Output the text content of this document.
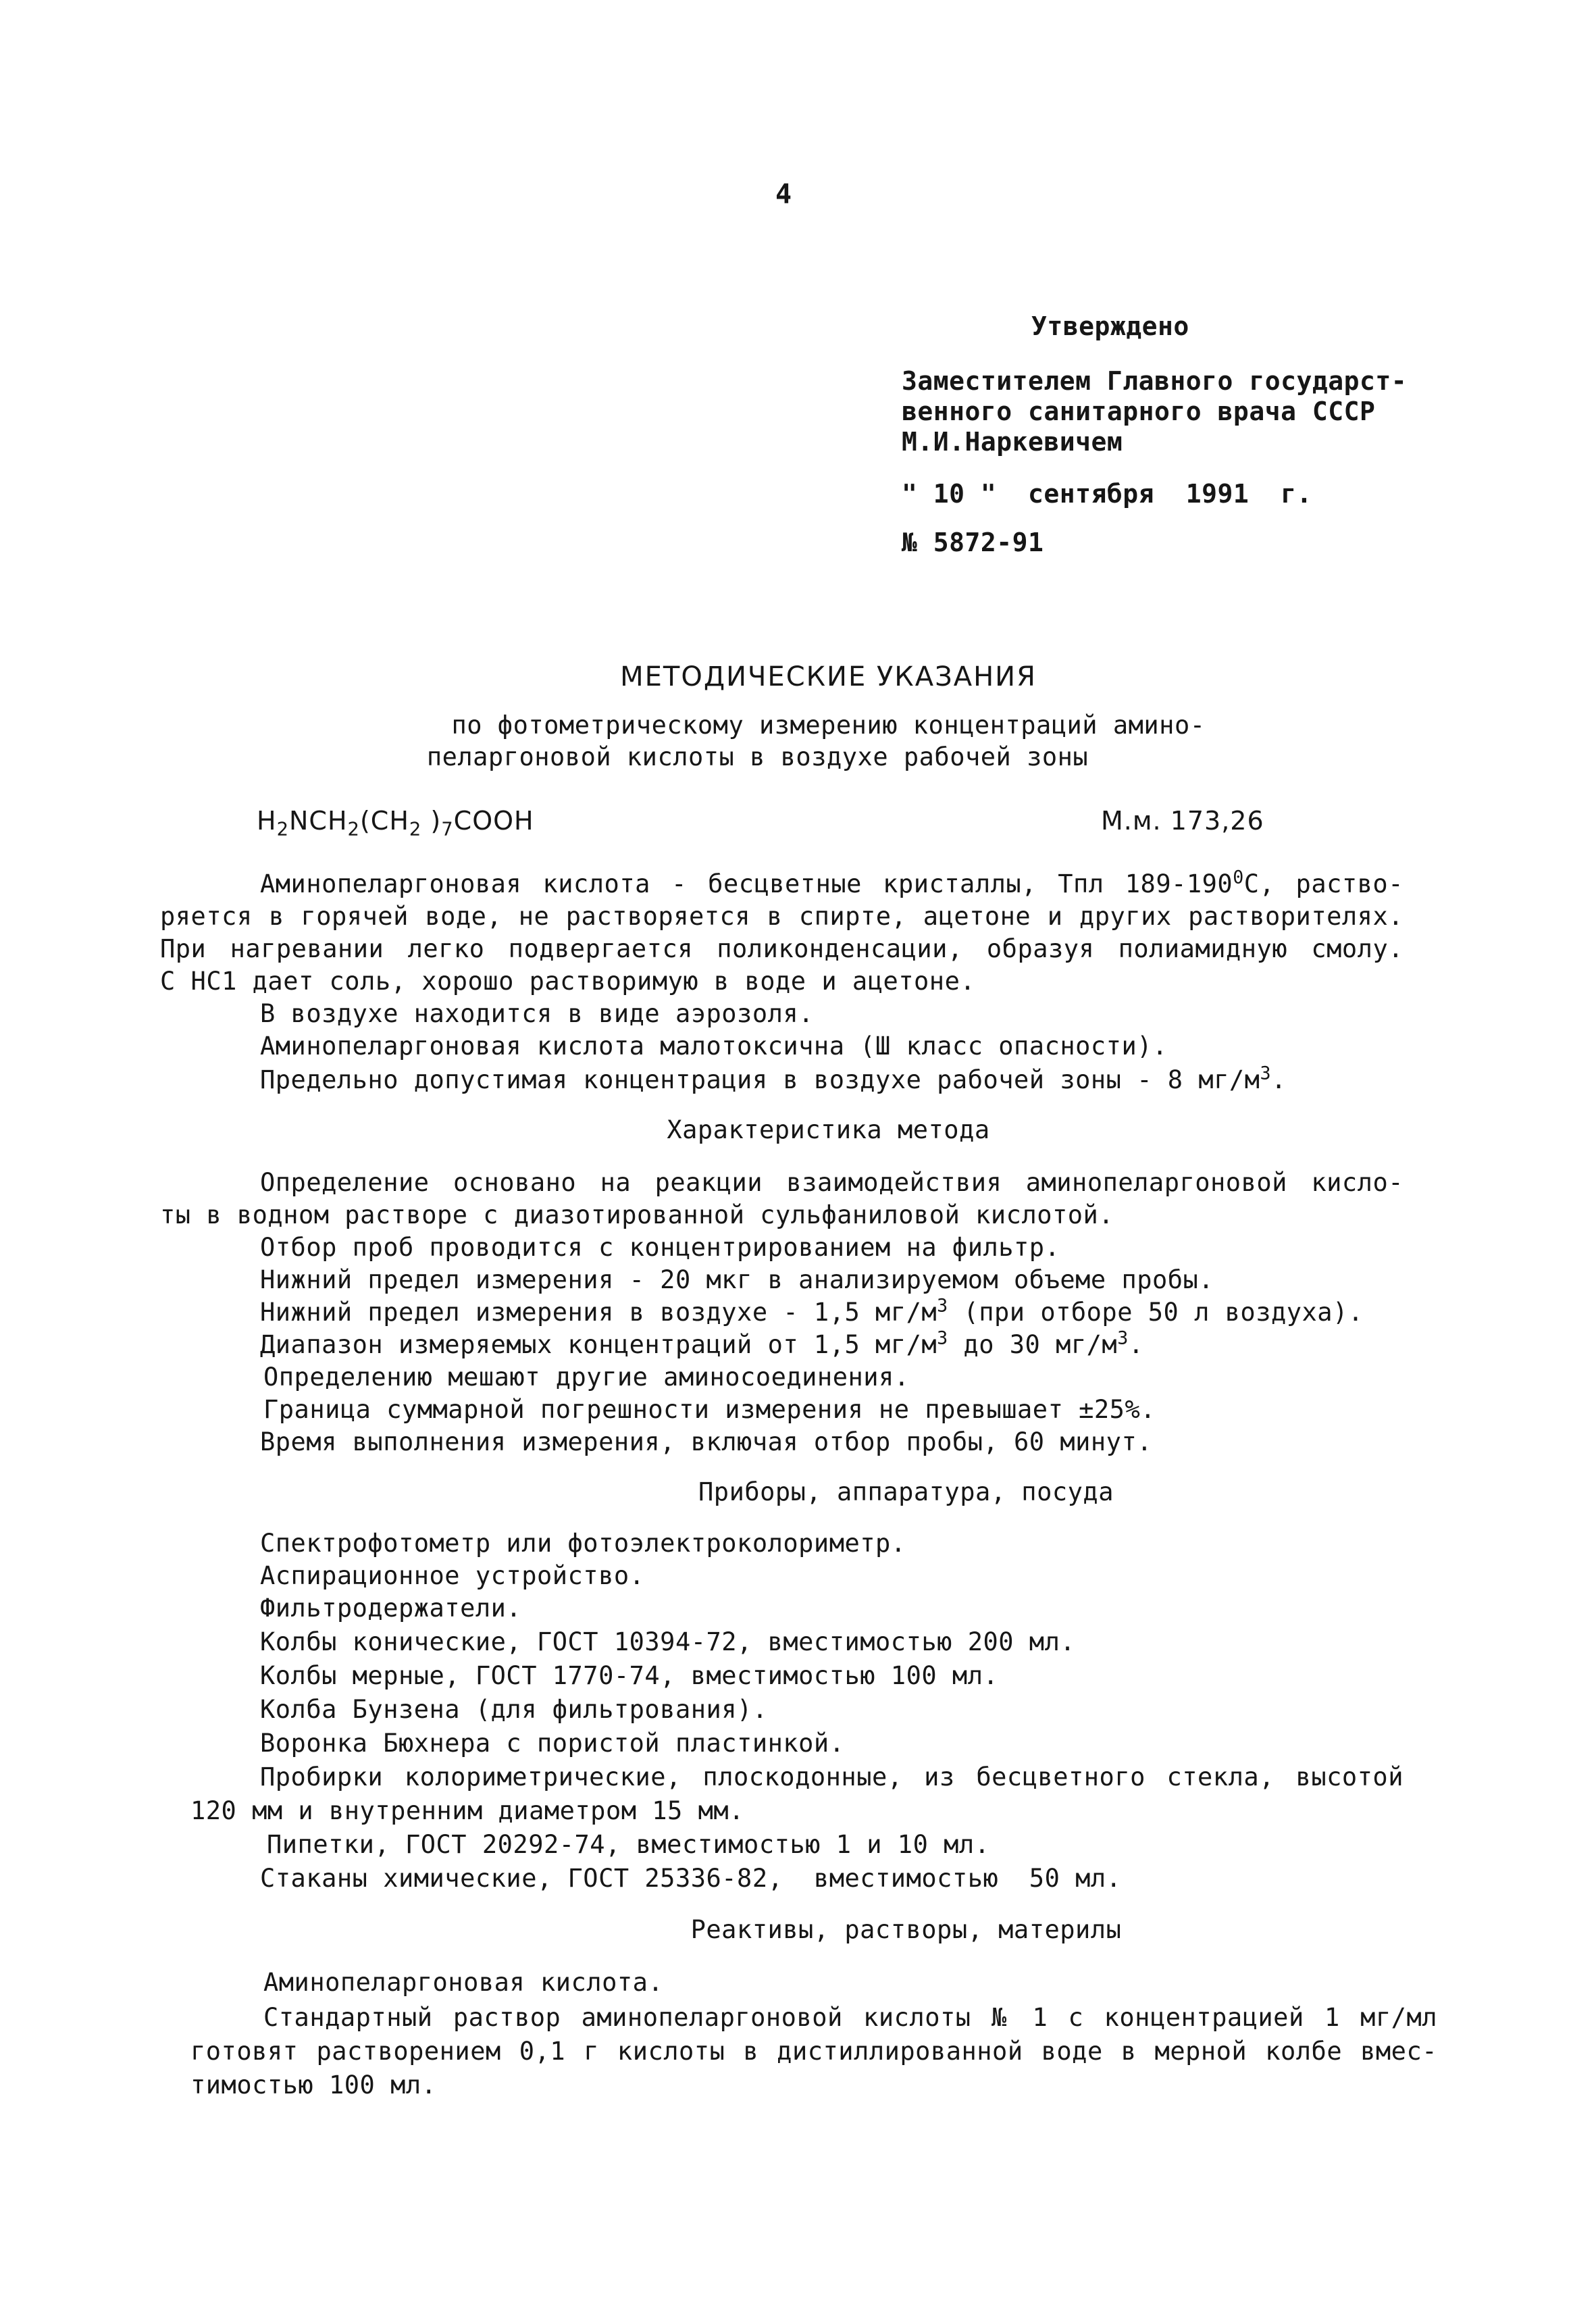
4
Утверждено
Заместителем Главного государст-
венного санитарного врача СССР
М.И.Наркевичем
" 10 "  сентября  1991  г.
№ 5872-91
МЕТОДИЧЕСКИЕ УКАЗАНИЯ
по фотометрическому измерению концентраций амино-
пеларгоновой кислоты в воздухе рабочей зоны
$H_2NCH_2(CH_2$ )$_7COOH$	М.м. 173,26
Аминопеларгоновая кислота - бесцветные кристаллы, Tпл $189-190^0C$, раство-
ряется в горячей воде, не растворяется в спирте, ацетоне и других растворителях.
При нагревании легко подвергается поликонденсации, образуя полиамидную смолу.
С НС1 дает соль, хорошо растворимую в воде и ацетоне.
В воздухе находится в виде аэрозоля.
Аминопеларгоновая кислота малотоксична (Ш класс опасности).
Предельно допустимая концентрация в воздухе рабочей зоны - 8 $мг/м^3$.
Характеристика метода
Определение основано на реакции взаимодействия аминопеларгоновой кисло-
ты в водном растворе с диазотированной сульфаниловой кислотой.
Отбор проб проводится с концентрированием на фильтр.
Нижний предел измерения - 20 мкг в анализируемом объеме пробы.
Нижний предел измерения в воздухе - 1,5 $мг/м^3$ (при отборе 50 л воздуха).
Диапазон измеряемых концентраций от 1,5 $мг/м^3$ до 30 $мг/м^3$.
Определению мешают другие аминосоединения.
Граница суммарной погрешности измерения не превышает ±25%.
Время выполнения измерения, включая отбор пробы, 60 минут.
Приборы, аппаратура, посуда
Спектрофотометр или фотоэлектроколориметр.
Аспирационное устройство.
Фильтродержатели.
Колбы конические, ГОСТ 10394-72, вместимостью 200 мл.
Колбы мерные, ГОСТ 1770-74, вместимостью 100 мл.
Колба Бунзена (для фильтрования).
Воронка Бюхнера с пористой пластинкой.
Пробирки колориметрические, плоскодонные, из бесцветного стекла, высотой
120 мм и внутренним диаметром 15 мм.
Пипетки, ГОСТ 20292-74, вместимостью 1 и 10 мл.
Стаканы химические, ГОСТ 25336-82,  вместимостью  50 мл.
Реактивы, растворы, материлы
Аминопеларгоновая кислота.
Стандартный раствор аминопеларгоновой кислоты № 1 с концентрацией 1 мг/мл
готовят растворением 0,1 г кислоты в дистиллированной воде в мерной колбе вмес-
тимостью 100 мл.
